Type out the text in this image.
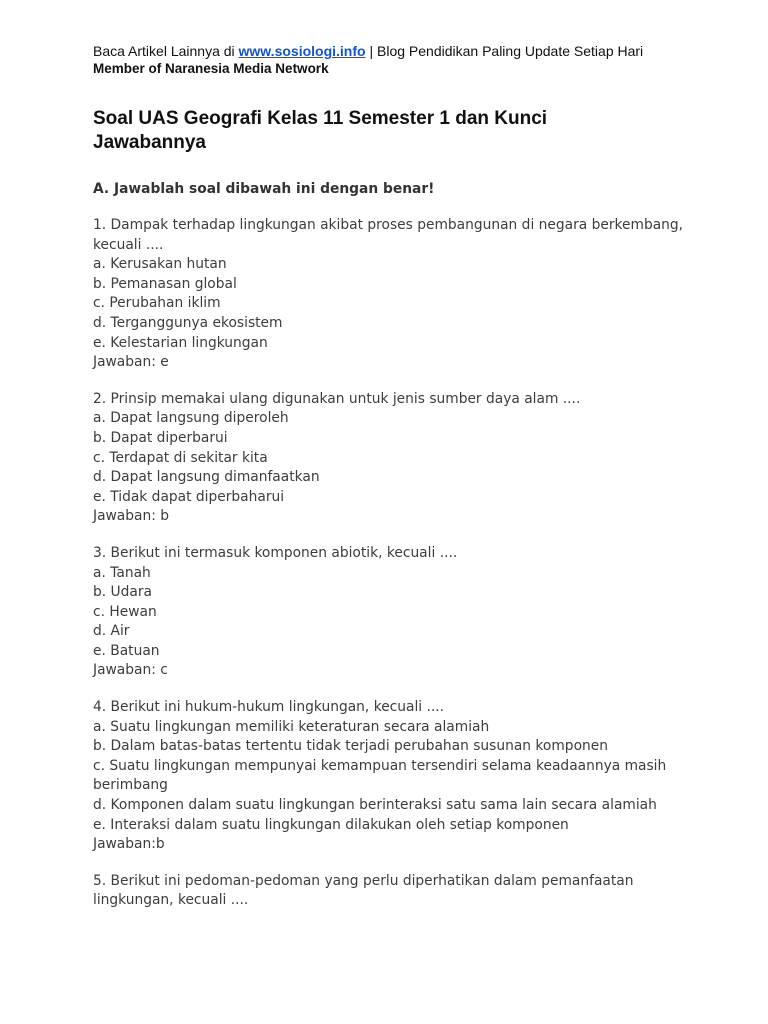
Baca Artikel Lainnya di www.sosiologi.info | Blog Pendidikan Paling Update Setiap Hari
Member of Naranesia Media Network
Soal UAS Geografi Kelas 11 Semester 1 dan Kunci Jawabannya
A. Jawablah soal dibawah ini dengan benar!
1. Dampak terhadap lingkungan akibat proses pembangunan di negara berkembang, kecuali ....
a. Kerusakan hutan
b. Pemanasan global
c. Perubahan iklim
d. Terganggunya ekosistem
e. Kelestarian lingkungan
Jawaban: e
2. Prinsip memakai ulang digunakan untuk jenis sumber daya alam ....
a. Dapat langsung diperoleh
b. Dapat diperbarui
c. Terdapat di sekitar kita
d. Dapat langsung dimanfaatkan
e. Tidak dapat diperbaharui
Jawaban: b
3. Berikut ini termasuk komponen abiotik, kecuali ....
a. Tanah
b. Udara
c. Hewan
d. Air
e. Batuan
Jawaban: c
4. Berikut ini hukum-hukum lingkungan, kecuali ....
a. Suatu lingkungan memiliki keteraturan secara alamiah
b. Dalam batas-batas tertentu tidak terjadi perubahan susunan komponen
c. Suatu lingkungan mempunyai kemampuan tersendiri selama keadaannya masih berimbang
d. Komponen dalam suatu lingkungan berinteraksi satu sama lain secara alamiah
e. Interaksi dalam suatu lingkungan dilakukan oleh setiap komponen
Jawaban:b
5. Berikut ini pedoman-pedoman yang perlu diperhatikan dalam pemanfaatan lingkungan, kecuali ....
